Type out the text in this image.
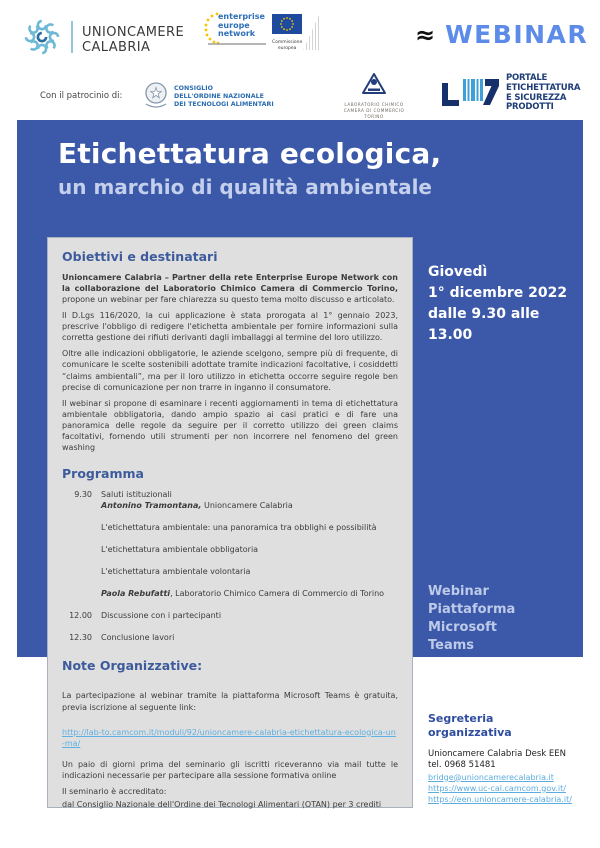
UNIONCAMERE
CALABRIA
enterprise
europe
network
Commissione
europea	≈ WEBINAR
Con il patrocinio di:
CONSIGLIO
DELL'ORDINE NAZIONALE
DEI TECNOLOGI ALIMENTARI	LABORATORIO CHIMICO
CAMERA DI COMMERCIO TORINO
PORTALE ETICHETTATURA
E SICUREZZA PRODOTTI
Etichettatura ecologica,
un marchio di qualità ambientale
Obiettivi e destinatari

Unioncamere Calabria – Partner della rete Enterprise Europe Network con la collaborazione del Laboratorio Chimico Camera di Commercio Torino, propone un webinar per fare chiarezza su questo tema molto discusso e articolato.

Il D.Lgs 116/2020, la cui applicazione è stata prorogata al 1° gennaio 2023, prescrive l'obbligo di redigere l'etichetta ambientale per fornire informazioni sulla corretta gestione dei rifiuti derivanti dagli imballaggi al termine del loro utilizzo.

Oltre alle indicazioni obbligatorie, le aziende scelgono, sempre più di frequente, di comunicare le scelte sostenibili adottate tramite indicazioni facoltative, i cosiddetti “claims ambientali”, ma per il loro utilizzo in etichetta occorre seguire regole ben precise di comunicazione per non trarre in inganno il consumatore.

Il webinar si propone di esaminare i recenti aggiornamenti in tema di etichettatura ambientale obbligatoria, dando ampio spazio ai casi pratici e di fare una panoramica delle regole da seguire per il corretto utilizzo dei green claims facoltativi, fornendo utili strumenti per non incorrere nel fenomeno del green washing

Programma
9.30 Saluti istituzionali
Antonino Tramontana, Unioncamere Calabria
L'etichettatura ambientale: una panoramica tra obblighi e possibilità
L'etichettatura ambientale obbligatoria
L'etichettatura ambientale volontaria
Paola Rebufatti, Laboratorio Chimico Camera di Commercio di Torino
12.00 Discussione con i partecipanti
12.30 Conclusione lavori
Note Organizzative:

La partecipazione al webinar tramite la piattaforma Microsoft Teams è gratuita, previa iscrizione al seguente link:

http://lab-to.camcom.it/moduli/92/unioncamere-calabria-etichettatura-ecologica-un-ma/

Un paio di giorni prima del seminario gli iscritti riceveranno via mail tutte le indicazioni necessarie per partecipare alla sessione formativa online

Il seminario è accreditato:

dal Consiglio Nazionale dell'Ordine dei Tecnologi Alimentari (OTAN) per 3 crediti

Giovedì
1° dicembre 2022
dalle 9.30 alle 13.00
Webinar
Piattaforma Microsoft
Teams
Segreteria
organizzativa
Unioncamere Calabria Desk EEN
tel. 0968 51481
bridge@unioncamerecalabria.it
https://www.uc-cal.camcom.gov.it/
https://een.unioncamere-calabria.it/
